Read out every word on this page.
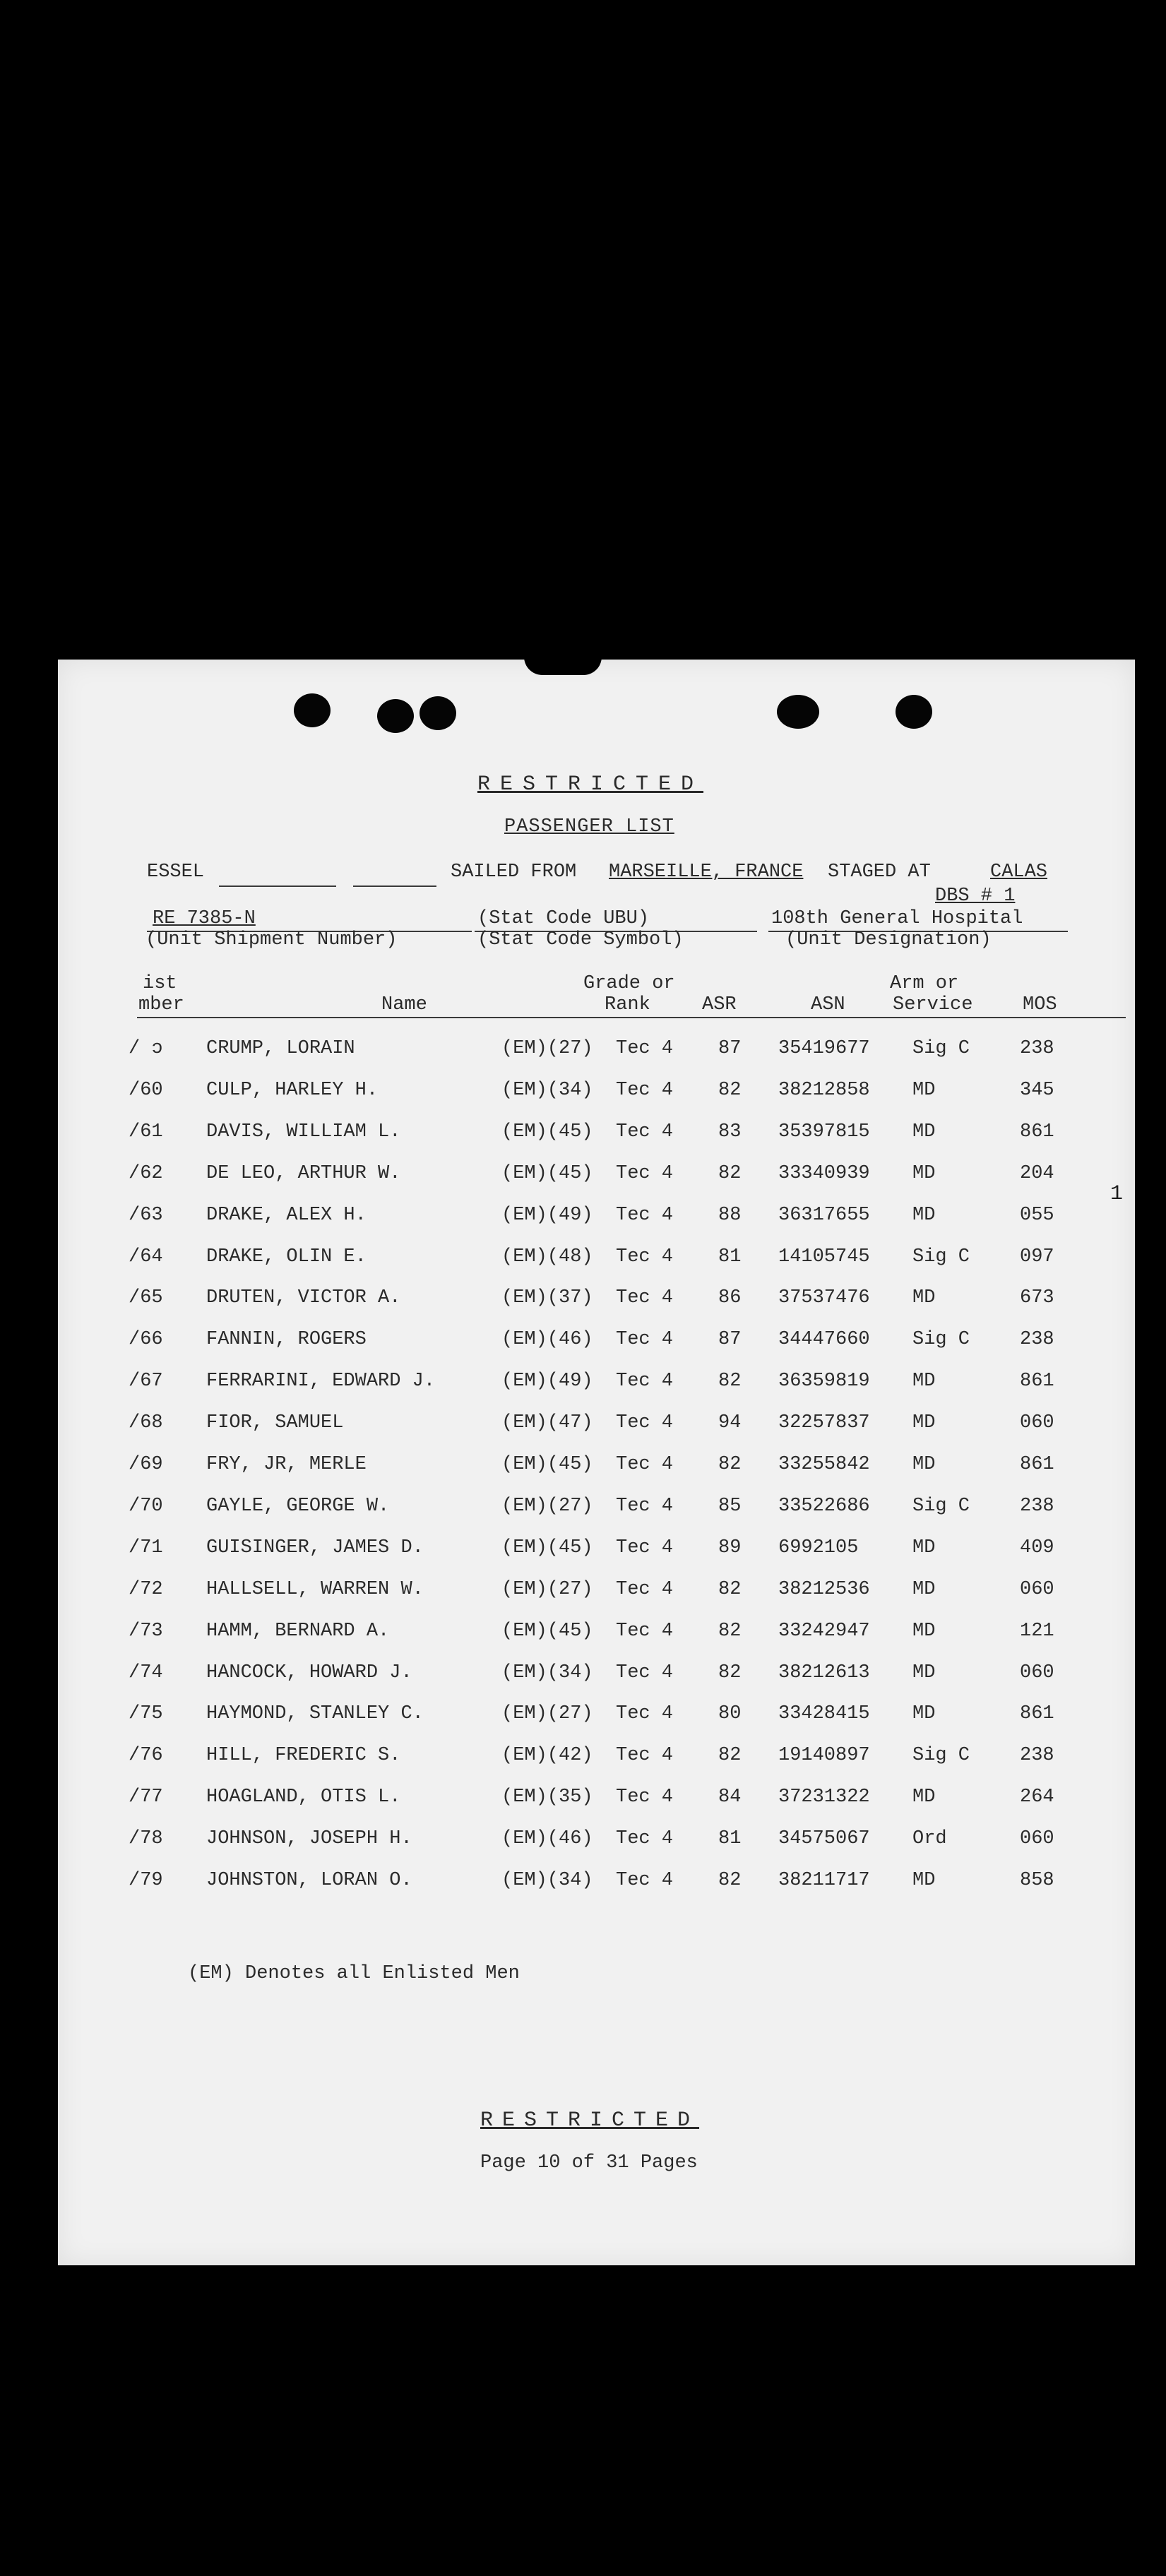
RESTRICTED
PASSENGER LIST
ESSEL	SAILED FROM MARSEILLE, FRANCE STAGED AT	CALAS
DBS # 1
RE 7385-N
(Unit Shipment Number)
(Stat Code UBU)
(Stat Code Symbol)
108th General Hospital
(Unit Designation)
ist
mber	Name
Grade or
Rank	ASR	ASN
Arm or
Service	MOS
/ ɔ CRUMP, LORAIN	(EM)(27) Tec 4 87 35419677 Sig C	238
/60 CULP, HARLEY H.	(EM)(34) Tec 4 82 38212858 MD	345
/61 DAVIS, WILLIAM L.	(EM)(45) Tec 4 83 35397815 MD	861
/62 DE LEO, ARTHUR W.	(EM)(45) Tec 4 82 33340939 MD	204
/63 DRAKE, ALEX H.	(EM)(49) Tec 4 88 36317655 MD	055
/64 DRAKE, OLIN E.	(EM)(48) Tec 4 81 14105745 Sig C	097
/65 DRUTEN, VICTOR A.	(EM)(37) Tec 4 86 37537476 MD	673
/66 FANNIN, ROGERS	(EM)(46) Tec 4 87 34447660 Sig C	238
/67 FERRARINI, EDWARD J.	(EM)(49) Tec 4 82 36359819 MD	861
/68 FIOR, SAMUEL	(EM)(47) Tec 4 94 32257837 MD	060
/69 FRY, JR, MERLE	(EM)(45) Tec 4 82 33255842 MD	861
/70 GAYLE, GEORGE W.	(EM)(27) Tec 4 85 33522686 Sig C	238
/71 GUISINGER, JAMES D.	(EM)(45) Tec 4 89 6992105	MD	409
/72 HALLSELL, WARREN W.	(EM)(27) Tec 4 82 38212536 MD	060
/73 HAMM, BERNARD A.	(EM)(45) Tec 4 82 33242947 MD	121
/74 HANCOCK, HOWARD J.	(EM)(34) Tec 4 82 38212613 MD	060
/75 HAYMOND, STANLEY C.	(EM)(27) Tec 4 80 33428415 MD	861
/76 HILL, FREDERIC S.	(EM)(42) Tec 4 82 19140897 Sig C	238
/77 HOAGLAND, OTIS L.	(EM)(35) Tec 4 84 37231322 MD	264
/78 JOHNSON, JOSEPH H.	(EM)(46) Tec 4 81 34575067 Ord	060
/79 JOHNSTON, LORAN O.	(EM)(34) Tec 4 82 38211717 MD	858
1
(EM) Denotes all Enlisted Men
RESTRICTED
Page 10 of 31 Pages
